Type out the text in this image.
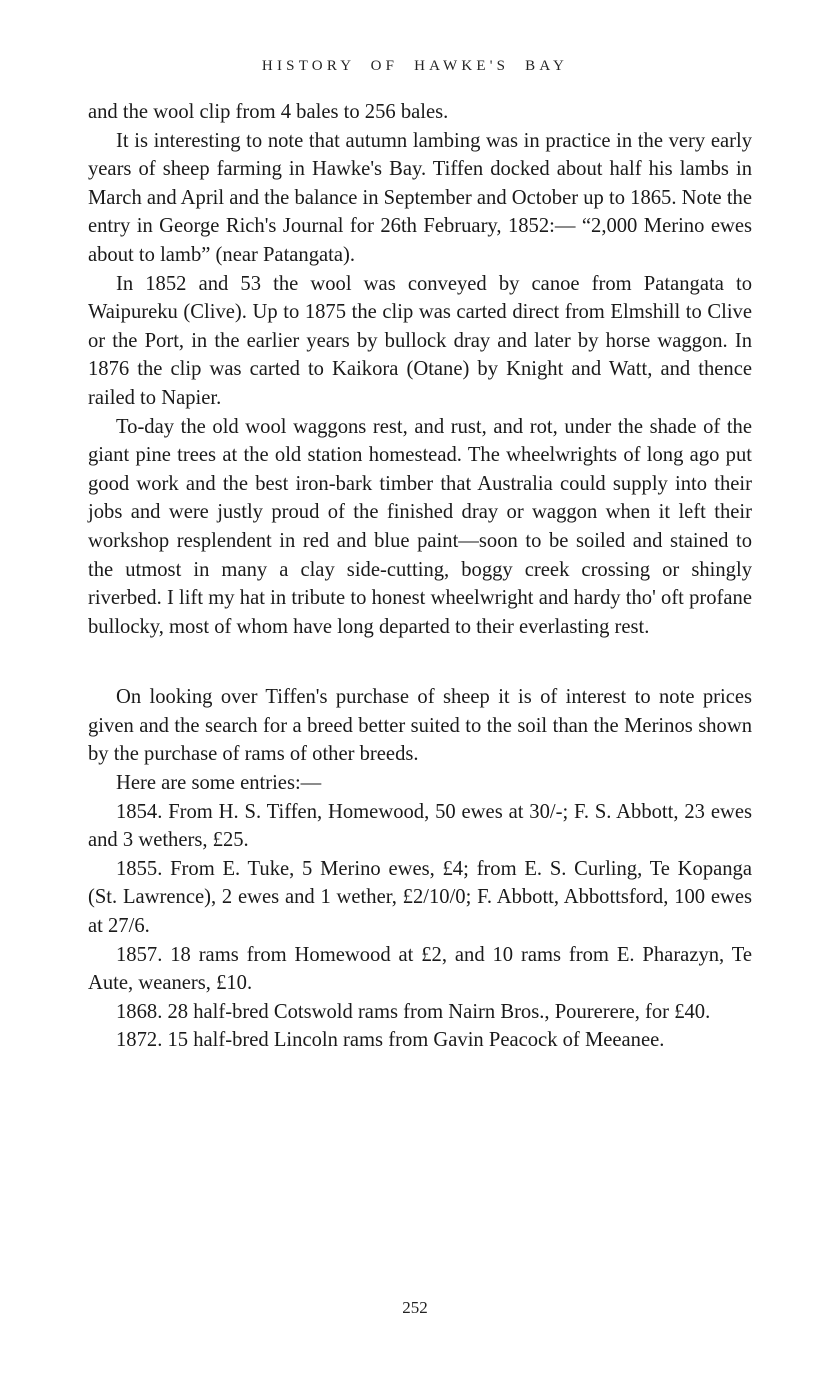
HISTORY OF HAWKE'S BAY

and the wool clip from 4 bales to 256 bales.

It is interesting to note that autumn lambing was in practice in the very early years of sheep farming in Hawke's Bay. Tiffen docked about half his lambs in March and April and the balance in September and October up to 1865. Note the entry in George Rich's Journal for 26th February, 1852:— “2,000 Merino ewes about to lamb” (near Patangata).

In 1852 and 53 the wool was conveyed by canoe from Patangata to Waipureku (Clive). Up to 1875 the clip was carted direct from Elmshill to Clive or the Port, in the earlier years by bullock dray and later by horse waggon. In 1876 the clip was carted to Kaikora (Otane) by Knight and Watt, and thence railed to Napier.

To-day the old wool waggons rest, and rust, and rot, under the shade of the giant pine trees at the old station homestead. The wheelwrights of long ago put good work and the best iron-bark timber that Australia could supply into their jobs and were justly proud of the finished dray or waggon when it left their workshop resplendent in red and blue paint—soon to be soiled and stained to the utmost in many a clay side-cutting, boggy creek crossing or shingly riverbed. I lift my hat in tribute to honest wheelwright and hardy tho' oft profane bullocky, most of whom have long departed to their everlasting rest.

On looking over Tiffen's purchase of sheep it is of interest to note prices given and the search for a breed better suited to the soil than the Merinos shown by the purchase of rams of other breeds.

Here are some entries:—

1854. From H. S. Tiffen, Homewood, 50 ewes at 30/-; F. S. Abbott, 23 ewes and 3 wethers, £25.

1855. From E. Tuke, 5 Merino ewes, £4; from E. S. Curling, Te Kopanga (St. Lawrence), 2 ewes and 1 wether, £2/10/0; F. Abbott, Abbottsford, 100 ewes at 27/6.

1857. 18 rams from Homewood at £2, and 10 rams from E. Pharazyn, Te Aute, weaners, £10.

1868. 28 half-bred Cotswold rams from Nairn Bros., Pourerere, for £40.

1872. 15 half-bred Lincoln rams from Gavin Peacock of Meeanee.

252
